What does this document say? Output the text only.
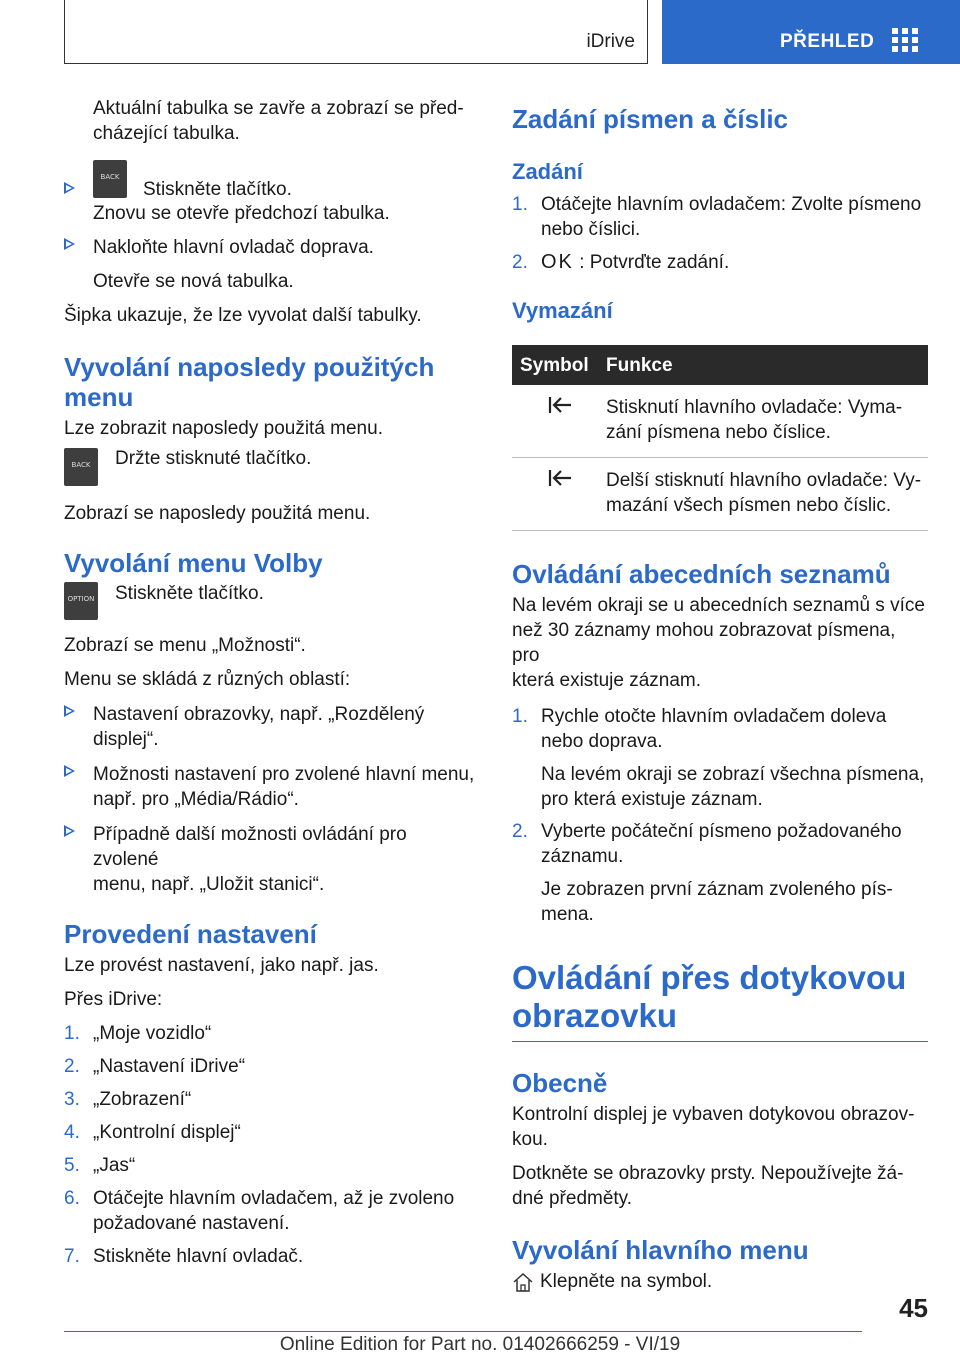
iDrive	PŘEHLED

Aktuální tabulka se zavře a zobrazí se před-
cházející tabulka.

BACK
Stiskněte tlačítko.

Znovu se otevře předchozí tabulka.

Nakloňte hlavní ovladač doprava.

Otevře se nová tabulka.

Šipka ukazuje, že lze vyvolat další tabulky.

Vyvolání naposledy použitých
menu

Lze zobrazit naposledy použitá menu.

BACK	Držte stisknuté tlačítko.

Zobrazí se naposledy použitá menu.

Vyvolání menu Volby
OPTION Stiskněte tlačítko.

Zobrazí se menu „Možnosti“.

Menu se skládá z různých oblastí:

Nastavení obrazovky, např. „Rozdělený
displej“.
Možnosti nastavení pro zvolené hlavní menu,
např. pro „Média/Rádio“.
Případně další možnosti ovládání pro zvolené
menu, např. „Uložit stanici“.
Provedení nastavení

Lze provést nastavení, jako např. jas.

Přes iDrive:

1. „Moje vozidlo“
2. „Nastavení iDrive“
3. „Zobrazení“
4. „Kontrolní displej“
5. „Jas“
6. Otáčejte hlavním ovladačem, až je zvoleno
požadované nastavení.
7. Stiskněte hlavní ovladač.
Zadání písmen a číslic
Zadání
1. Otáčejte hlavním ovladačem: Zvolte písmeno
nebo číslici.
2. OK : Potvrďte zadání.
Vymazání
Symbol	Funkce
	Stisknutí hlavního ovladače: Vyma-
zání písmena nebo číslice.
	Delší stisknutí hlavního ovladače: Vy-
mazání všech písmen nebo číslic.
Ovládání abecedních seznamů

Na levém okraji se u abecedních seznamů s více
než 30 záznamy mohou zobrazovat písmena, pro
která existuje záznam.

1. Rychle otočte hlavním ovladačem doleva
nebo doprava.

Na levém okraji se zobrazí všechna písmena,
pro která existuje záznam.

2. Vyberte počáteční písmeno požadovaného
záznamu.

Je zobrazen první záznam zvoleného pís-
mena.

Ovládání přes dotykovou
obrazovku
Obecně

Kontrolní displej je vybaven dotykovou obrazov-
kou.

Dotkněte se obrazovky prsty. Nepoužívejte žá-
dné předměty.

Vyvolání hlavního menu
Klepněte na symbol.
45
Online Edition for Part no. 01402666259 - VI/19
